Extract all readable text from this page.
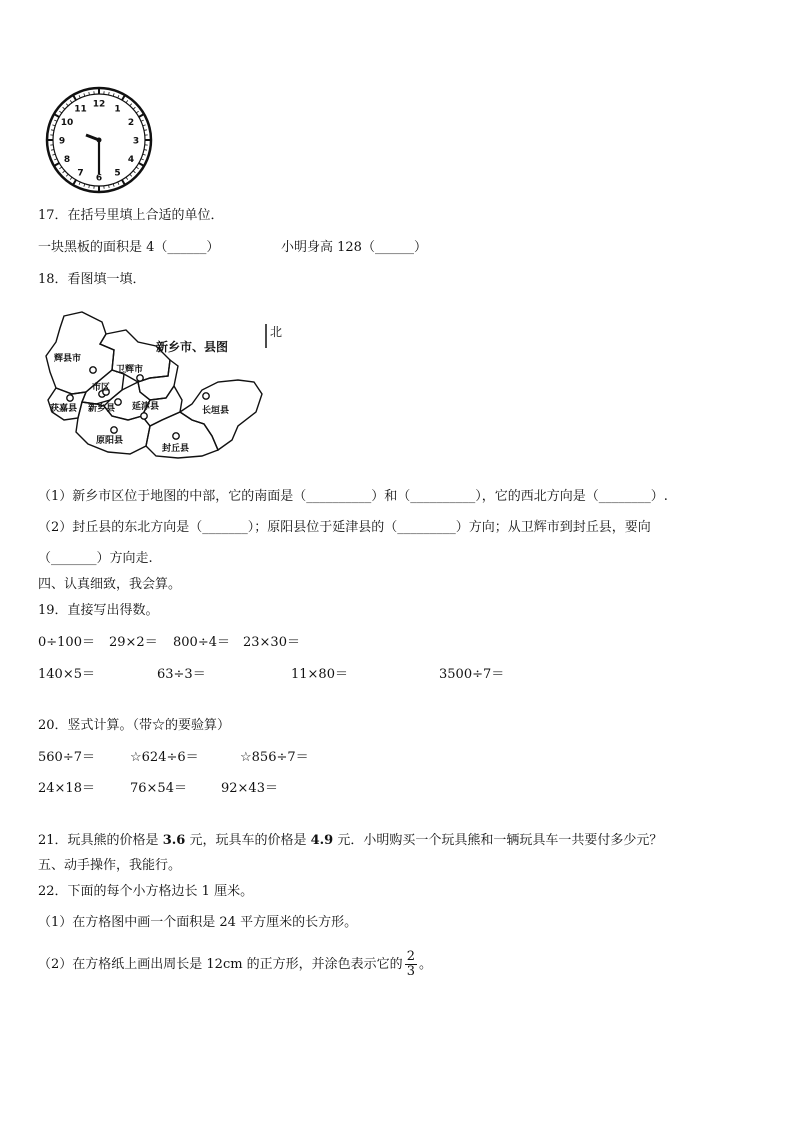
12 1
2
3
4
5
6
7
8
9
10
11
17．在括号里填上合适的单位．
一块黑板的面积是 4（______）	小明身高 128（______）
18．看图填一填．
新乡市、县图
北
辉县市
卫辉市
市区
获嘉县 新乡县 延津县	长垣县
原阳县
封丘县
（1）新乡市区位于地图的中部，它的南面是（__________）和（__________），它的西北方向是（________）.
（2）封丘县的东北方向是（_______）；原阳县位于延津县的（_________）方向；从卫辉市到封丘县，要向
（_______）方向走.
四、认真细致，我会算。
19．直接写出得数。
0÷100＝ 29×2＝ 800÷4＝ 23×30＝
140×5＝	63÷3＝	11×80＝	3500÷7＝
20．竖式计算。（带☆的要验算）
560÷7＝	☆624÷6＝	☆856÷7＝
24×18＝	76×54＝	92×43＝
21．玩具熊的价格是 3.6 元，玩具车的价格是 4.9 元．小明购买一个玩具熊和一辆玩具车一共要付多少元？
五、动手操作，我能行。
22．下面的每个小方格边长 1 厘米。
（1）在方格图中画一个面积是 24 平方厘米的长方形。
（2）在方格纸上画出周长是 12cm 的正方形，并涂色表示它的 $\frac{2}{3}$ 。
